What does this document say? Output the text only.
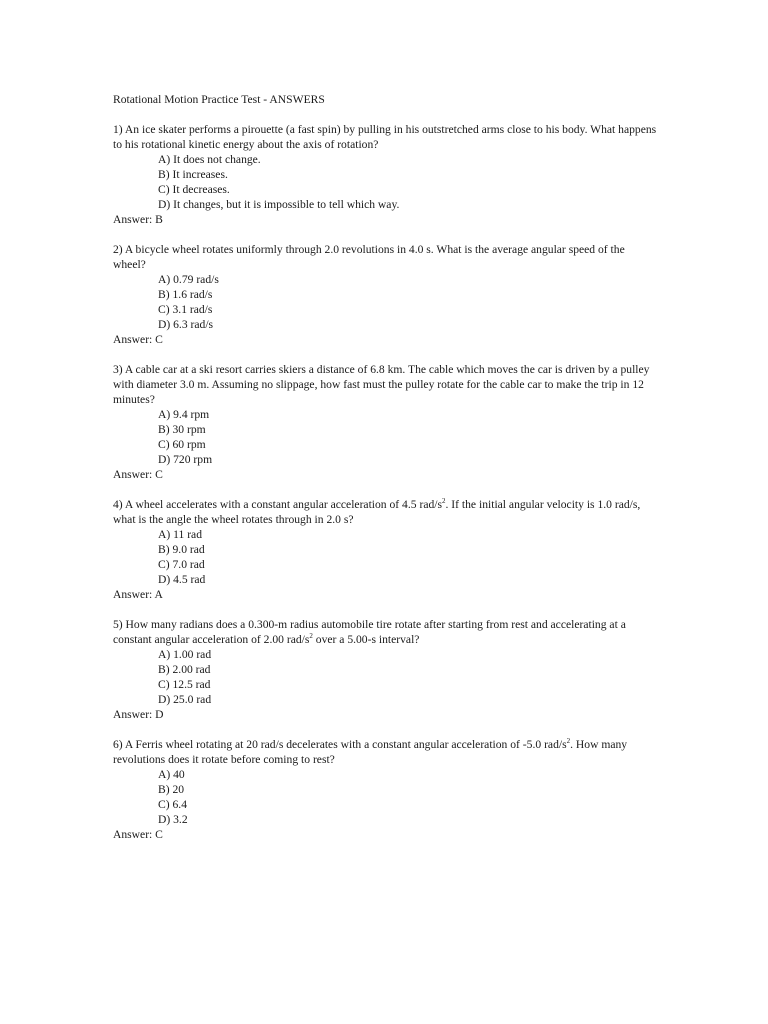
Rotational Motion Practice Test - ANSWERS

1) An ice skater performs a pirouette (a fast spin) by pulling in his outstretched arms close to his body. What happens to his rotational kinetic energy about the axis of rotation?

A) It does not change.
B) It increases.
C) It decreases.
D) It changes, but it is impossible to tell which way.

Answer: B

2) A bicycle wheel rotates uniformly through 2.0 revolutions in 4.0 s. What is the average angular speed of the wheel?

A) 0.79 rad/s
B) 1.6 rad/s
C) 3.1 rad/s
D) 6.3 rad/s

Answer: C

3) A cable car at a ski resort carries skiers a distance of 6.8 km. The cable which moves the car is driven by a pulley with diameter 3.0 m. Assuming no slippage, how fast must the pulley rotate for the cable car to make the trip in 12 minutes?

A) 9.4 rpm
B) 30 rpm
C) 60 rpm
D) 720 rpm

Answer: C

4) A wheel accelerates with a constant angular acceleration of 4.5 rad/$s^2$. If the initial angular velocity is 1.0 rad/s, what is the angle the wheel rotates through in 2.0 s?

A) 11 rad
B) 9.0 rad
C) 7.0 rad
D) 4.5 rad

Answer: A

5) How many radians does a 0.300-m radius automobile tire rotate after starting from rest and accelerating at a constant angular acceleration of 2.00 rad/$s^2$ over a 5.00-s interval?

A) 1.00 rad
B) 2.00 rad
C) 12.5 rad
D) 25.0 rad

Answer: D

6) A Ferris wheel rotating at 20 rad/s decelerates with a constant angular acceleration of -5.0 rad/$s^2$. How many revolutions does it rotate before coming to rest?

A) 40
B) 20
C) 6.4
D) 3.2

Answer: C
